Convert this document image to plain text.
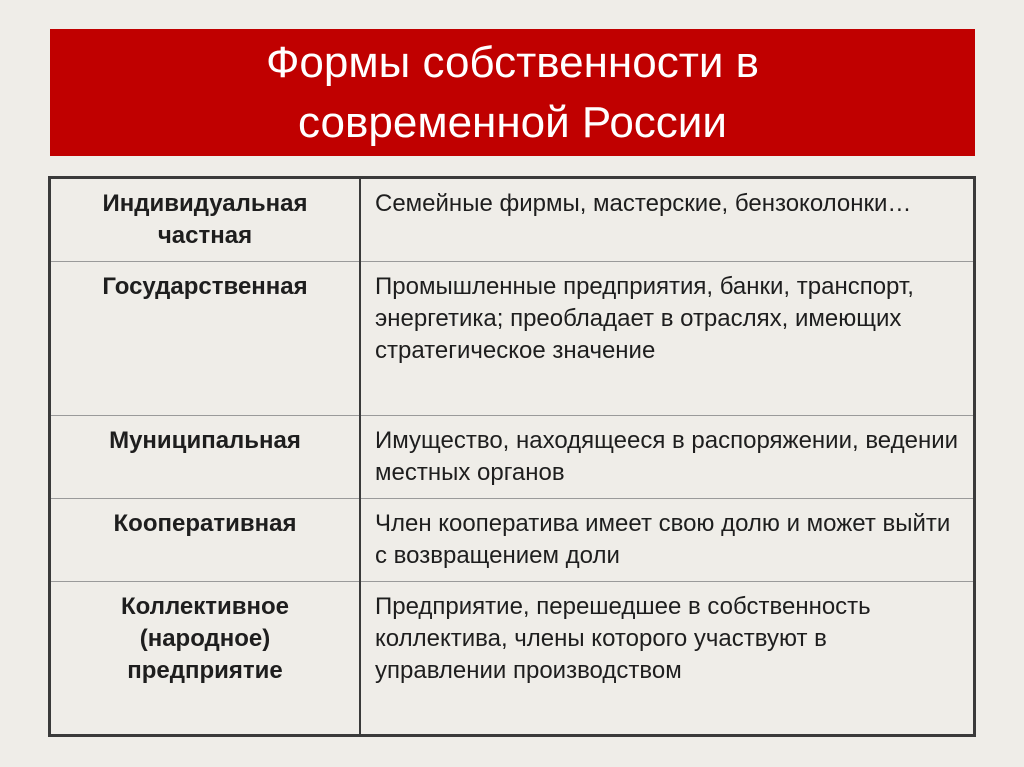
Формы собственности в
современной России
Индивидуальная частная	Семейные фирмы, мастерские, бензоколонки…
Государственная	Промышленные предприятия, банки, транспорт, энергетика; преобладает в отраслях, имеющих стратегическое значение
Муниципальная	Имущество, находящееся в распоряжении, ведении местных органов
Кооперативная	Член кооператива имеет свою долю и может выйти с возвращением доли
Коллективное (народное) предприятие	Предприятие, перешедшее в собственность коллектива, члены которого участвуют в управлении производством
